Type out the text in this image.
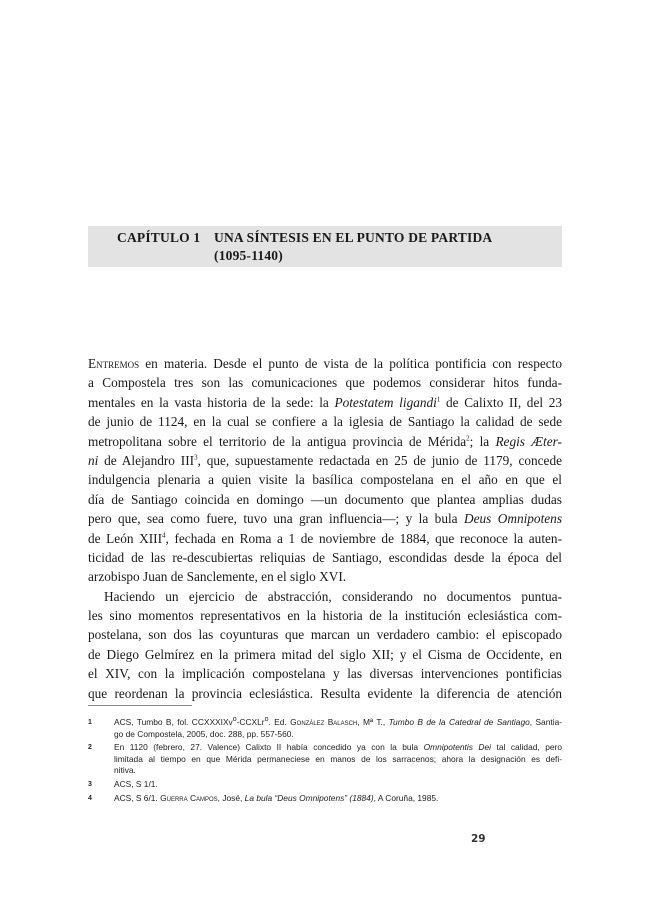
CAPÍTULO 1 UNA SÍNTESIS EN EL PUNTO DE PARTIDA
(1095-1140)
Entremos en materia. Desde el punto de vista de la política pontificia con respecto
a Compostela tres son las comunicaciones que podemos considerar hitos funda-
mentales en la vasta historia de la sede: la Potestatem ligandi$^1$ de Calixto II, del 23
de junio de 1124, en la cual se confiere a la iglesia de Santiago la calidad de sede
metropolitana sobre el territorio de la antigua provincia de Mérida$^2$; la Regis Æter-
ni de Alejandro III$^3$, que, supuestamente redactada en 25 de junio de 1179, concede
indulgencia plenaria a quien visite la basílica compostelana en el año en que el
día de Santiago coincida en domingo —un documento que plantea amplias dudas
pero que, sea como fuere, tuvo una gran influencia—; y la bula Deus Omnipotens
de León XIII$^4$, fechada en Roma a 1 de noviembre de 1884, que reconoce la auten-
ticidad de las re-descubiertas reliquias de Santiago, escondidas desde la época del
arzobispo Juan de Sanclemente, en el siglo XVI.
Haciendo un ejercicio de abstracción, considerando no documentos puntua-
les sino momentos representativos en la historia de la institución eclesiástica com-
postelana, son dos las coyunturas que marcan un verdadero cambio: el episcopado
de Diego Gelmírez en la primera mitad del siglo XII; y el Cisma de Occidente, en
el XIV, con la implicación compostelana y las diversas intervenciones pontificias
que reordenan la provincia eclesiástica. Resulta evidente la diferencia de atención
1	ACS, Tumbo B, fol. CCXXXIXv$^o$-CCXLr$^o$. Ed. González Balasch, Mª T., Tumbo B de la Catedral de Santiago, Santia-
go de Compostela, 2005, doc. 288, pp. 557-560.
2	En 1120 (febrero, 27. Valence) Calixto II había concedido ya con la bula Omnipotentis Dei tal calidad, pero
limitada al tiempo en que Mérida permaneciese en manos de los sarracenos; ahora la designación es defi-
nitiva.
3	ACS, S 1/1.
4	ACS, S 6/1. Guerra Campos, José, La bula “Deus Omnipotens” (1884), A Coruña, 1985.
29
